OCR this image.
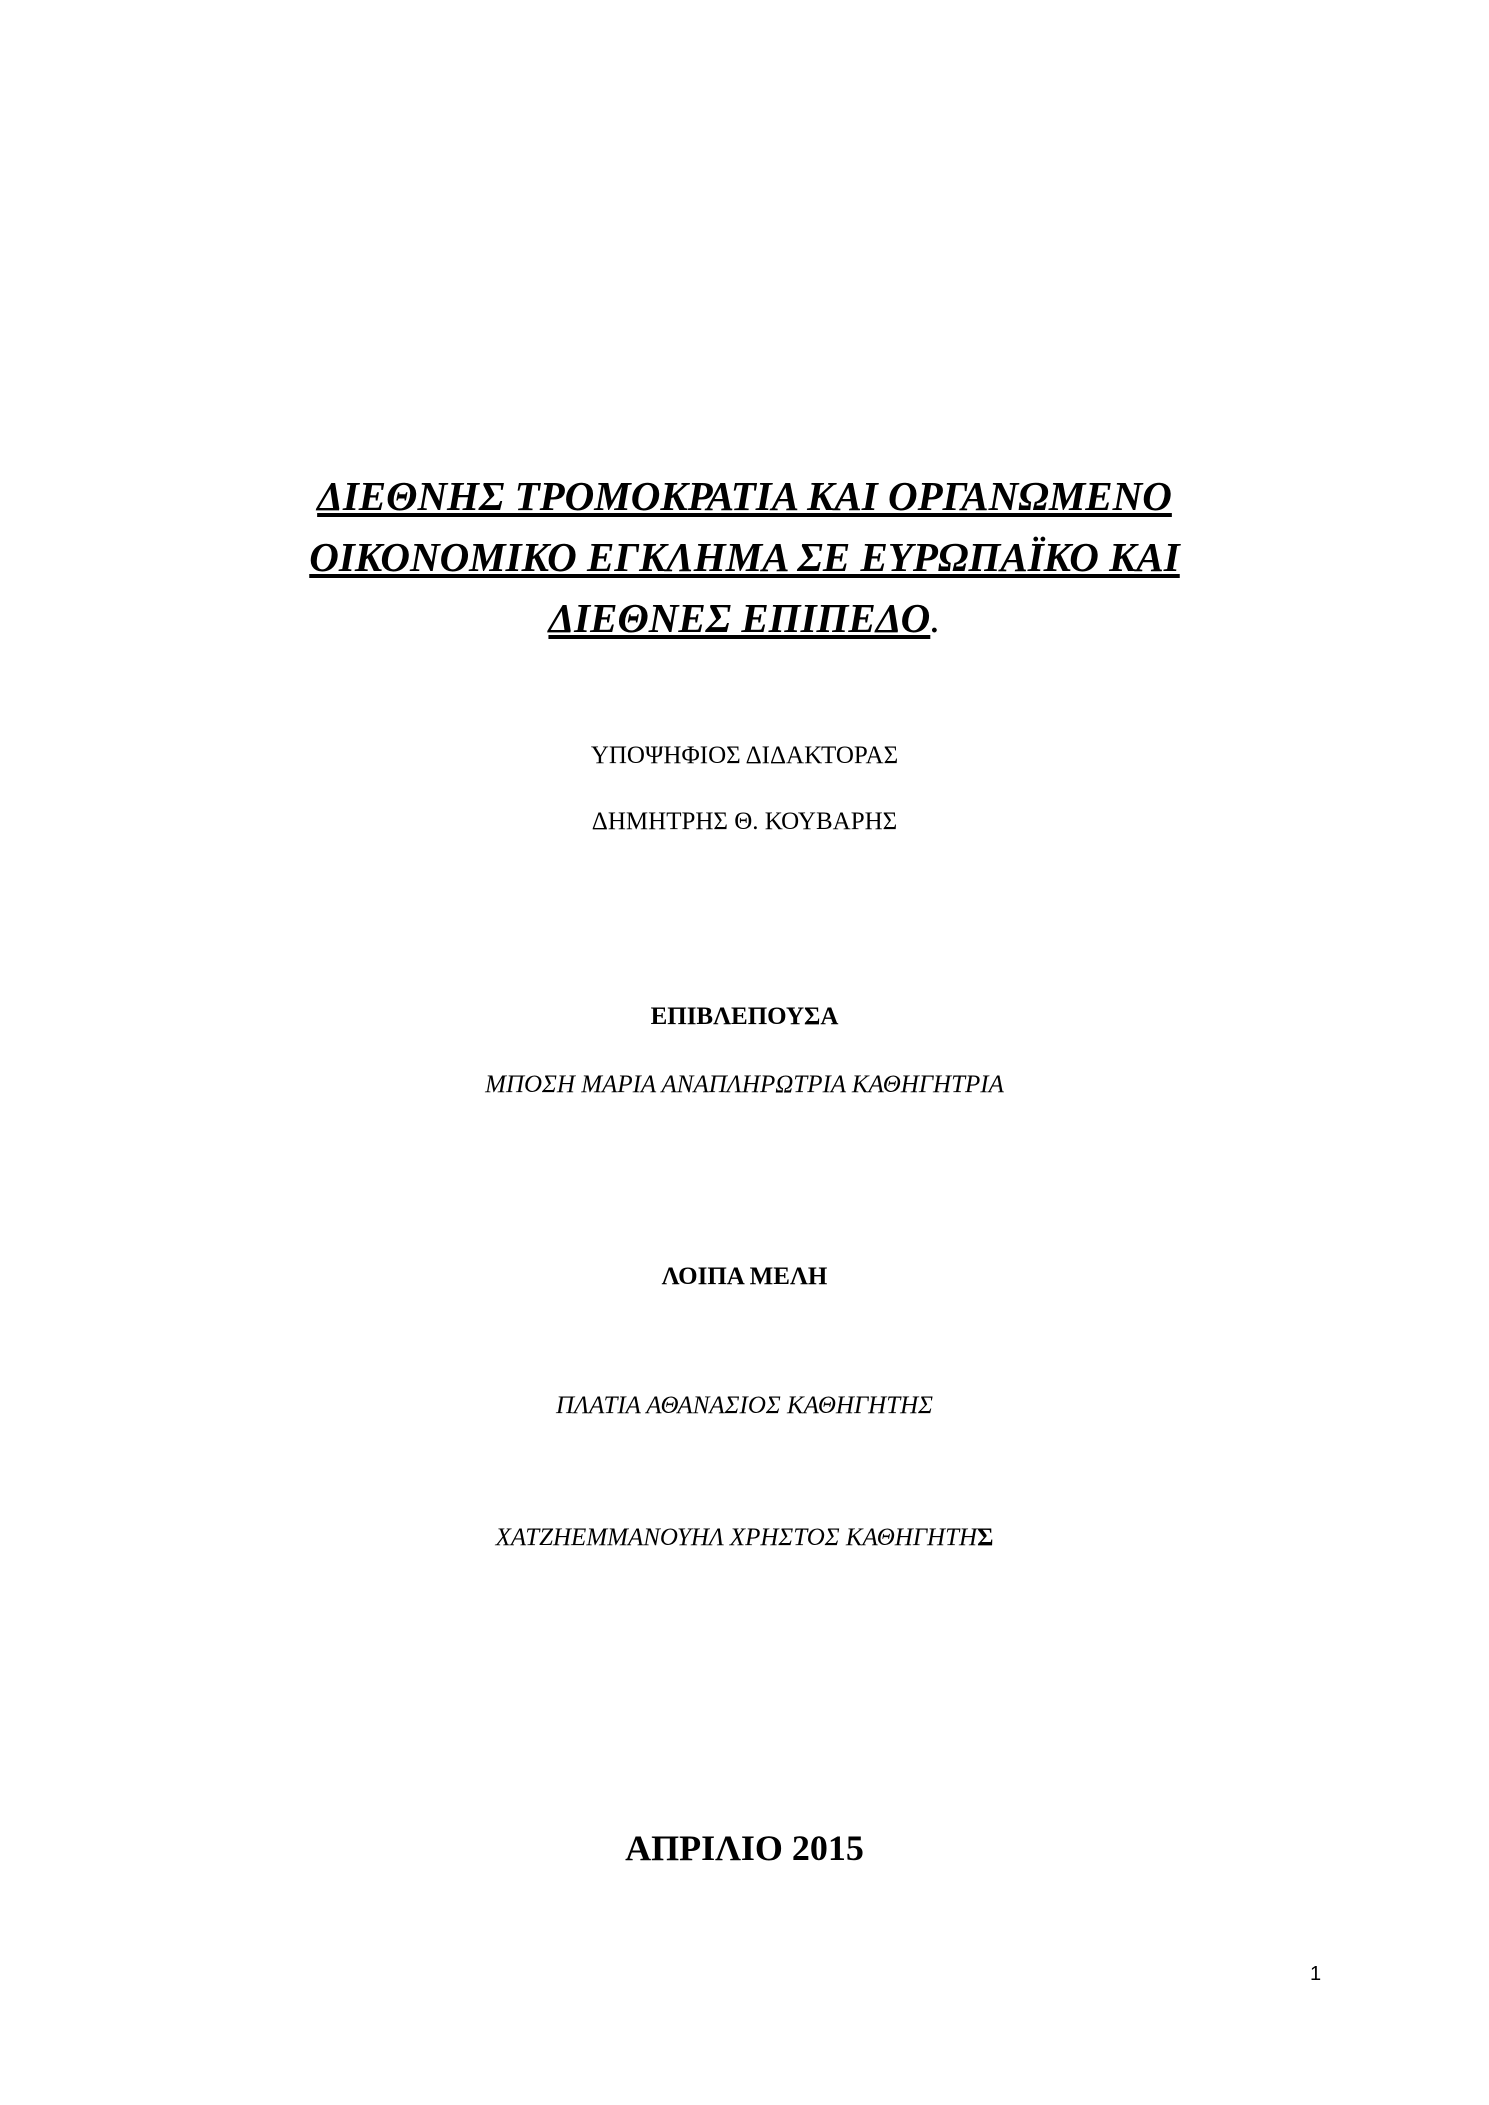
ΔΙΕΘΝΗΣ ΤΡΟΜΟΚΡΑΤΙΑ ΚΑΙ ΟΡΓΑΝΩΜΕΝΟ
ΟΙΚΟΝΟΜΙΚΟ ΕΓΚΛΗΜΑ ΣΕ ΕΥΡΩΠΑΪΚΟ ΚΑΙ
ΔΙΕΘΝΕΣ ΕΠΙΠΕΔΟ.
ΥΠΟΨΗΦΙΟΣ ΔΙΔΑΚΤΟΡΑΣ
ΔΗΜΗΤΡΗΣ Θ. ΚΟΥΒΑΡΗΣ
ΕΠΙΒΛΕΠΟΥΣΑ
ΜΠΟΣΗ ΜΑΡΙΑ ΑΝΑΠΛΗΡΩΤΡΙΑ ΚΑΘΗΓΗΤΡΙΑ
ΛΟΙΠΑ ΜΕΛΗ
ΠΛΑΤΙΑ ΑΘΑΝΑΣΙΟΣ ΚΑΘΗΓΗΤΗΣ
ΧΑΤΖΗΕΜΜΑΝΟΥΗΛ ΧΡΗΣΤΟΣ ΚΑΘΗΓΗΤΗΣ
ΑΠΡΙΛΙΟ 2015
1
